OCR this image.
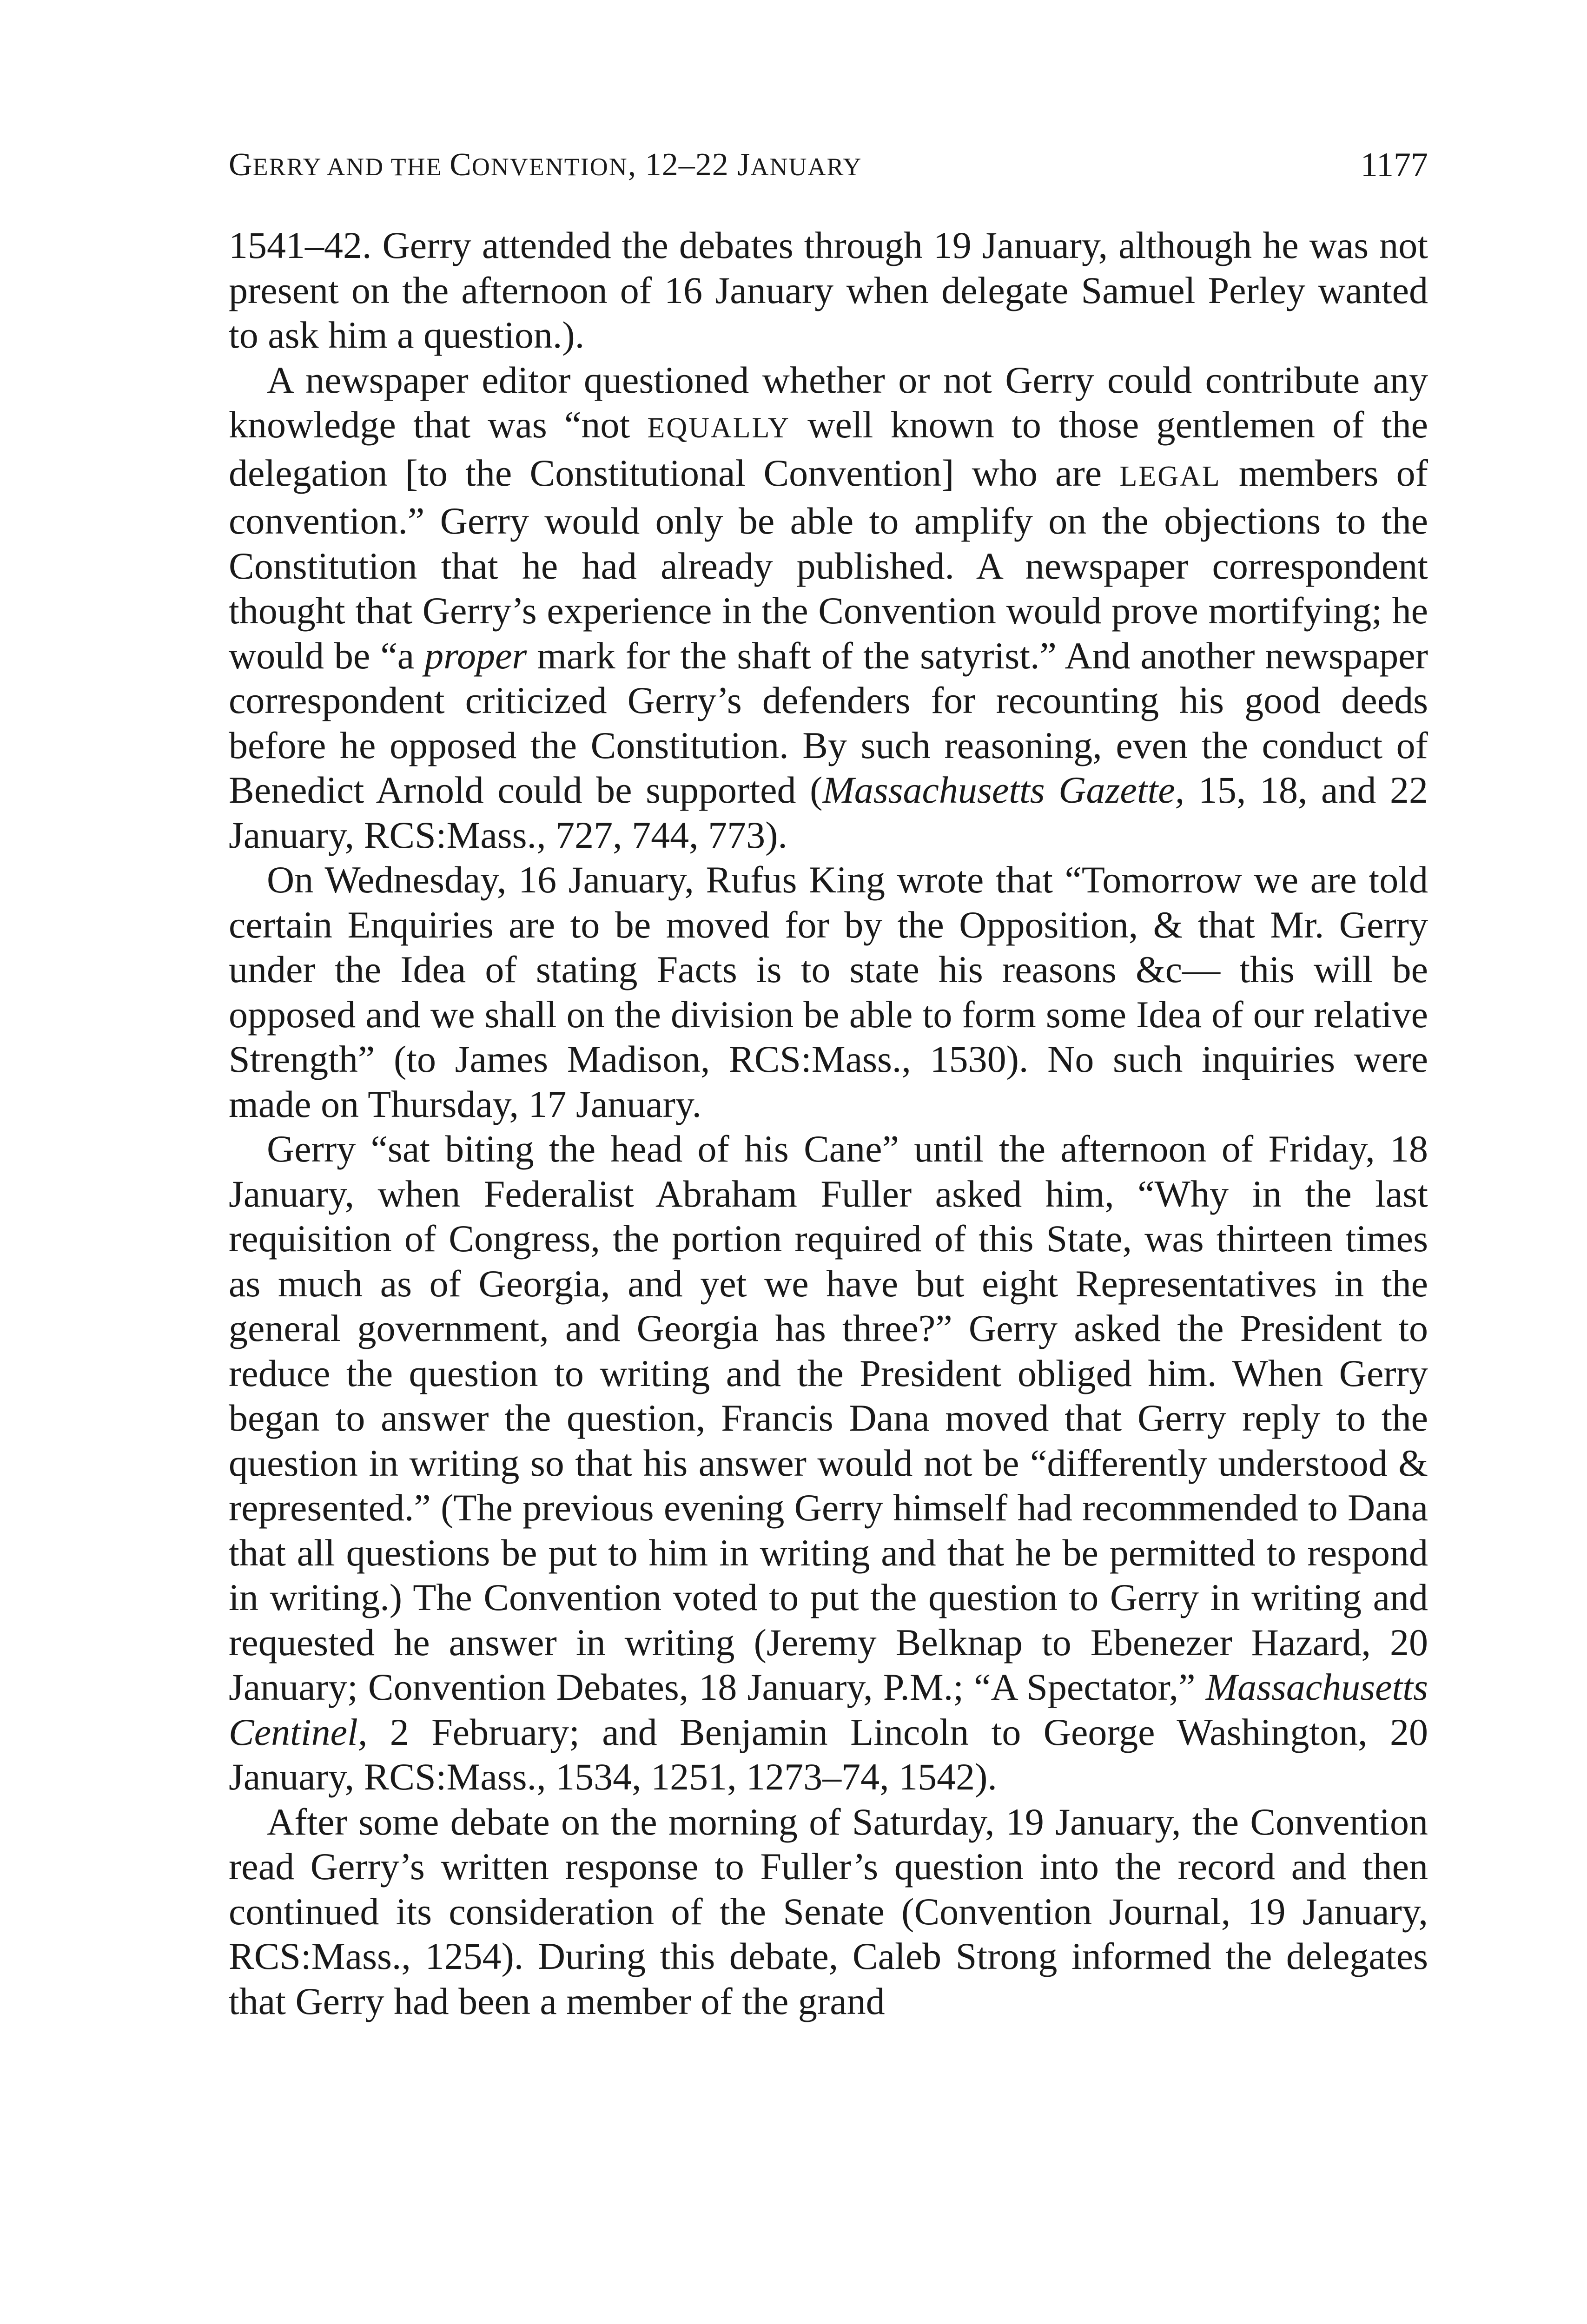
GERRY AND THE CONVENTION, 12–22 JANUARY	1177

1541–42. Gerry attended the debates through 19 January, although he was not present on the afternoon of 16 January when delegate Samuel Perley wanted to ask him a question.).

A newspaper editor questioned whether or not Gerry could contribute any knowledge that was “not EQUALLY well known to those gentlemen of the delegation [to the Constitutional Convention] who are LEGAL members of convention.” Gerry would only be able to amplify on the objections to the Constitution that he had already published. A newspaper correspondent thought that Gerry’s experience in the Convention would prove mortifying; he would be “a proper mark for the shaft of the satyrist.” And another newspaper correspondent criticized Gerry’s defenders for recounting his good deeds before he opposed the Constitution. By such reasoning, even the conduct of Benedict Arnold could be supported (Massachusetts Gazette, 15, 18, and 22 January, RCS:Mass., 727, 744, 773).

On Wednesday, 16 January, Rufus King wrote that “Tomorrow we are told certain Enquiries are to be moved for by the Opposition, & that Mr. Gerry under the Idea of stating Facts is to state his reasons &c— this will be opposed and we shall on the division be able to form some Idea of our relative Strength” (to James Madison, RCS:Mass., 1530). No such inquiries were made on Thursday, 17 January.

Gerry “sat biting the head of his Cane” until the afternoon of Friday, 18 January, when Federalist Abraham Fuller asked him, “Why in the last requisition of Congress, the portion required of this State, was thirteen times as much as of Georgia, and yet we have but eight Representatives in the general government, and Georgia has three?” Gerry asked the President to reduce the question to writing and the President obliged him. When Gerry began to answer the question, Francis Dana moved that Gerry reply to the question in writing so that his answer would not be “differently understood & represented.” (The previous evening Gerry himself had recommended to Dana that all questions be put to him in writing and that he be permitted to respond in writing.) The Convention voted to put the question to Gerry in writing and requested he answer in writing (Jeremy Belknap to Ebenezer Hazard, 20 January; Convention Debates, 18 January, P.M.; “A Spectator,” Massachusetts Centinel, 2 February; and Benjamin Lincoln to George Washington, 20 January, RCS:Mass., 1534, 1251, 1273–74, 1542).

After some debate on the morning of Saturday, 19 January, the Convention read Gerry’s written response to Fuller’s question into the record and then continued its consideration of the Senate (Convention Journal, 19 January, RCS:Mass., 1254). During this debate, Caleb Strong informed the delegates that Gerry had been a member of the grand
